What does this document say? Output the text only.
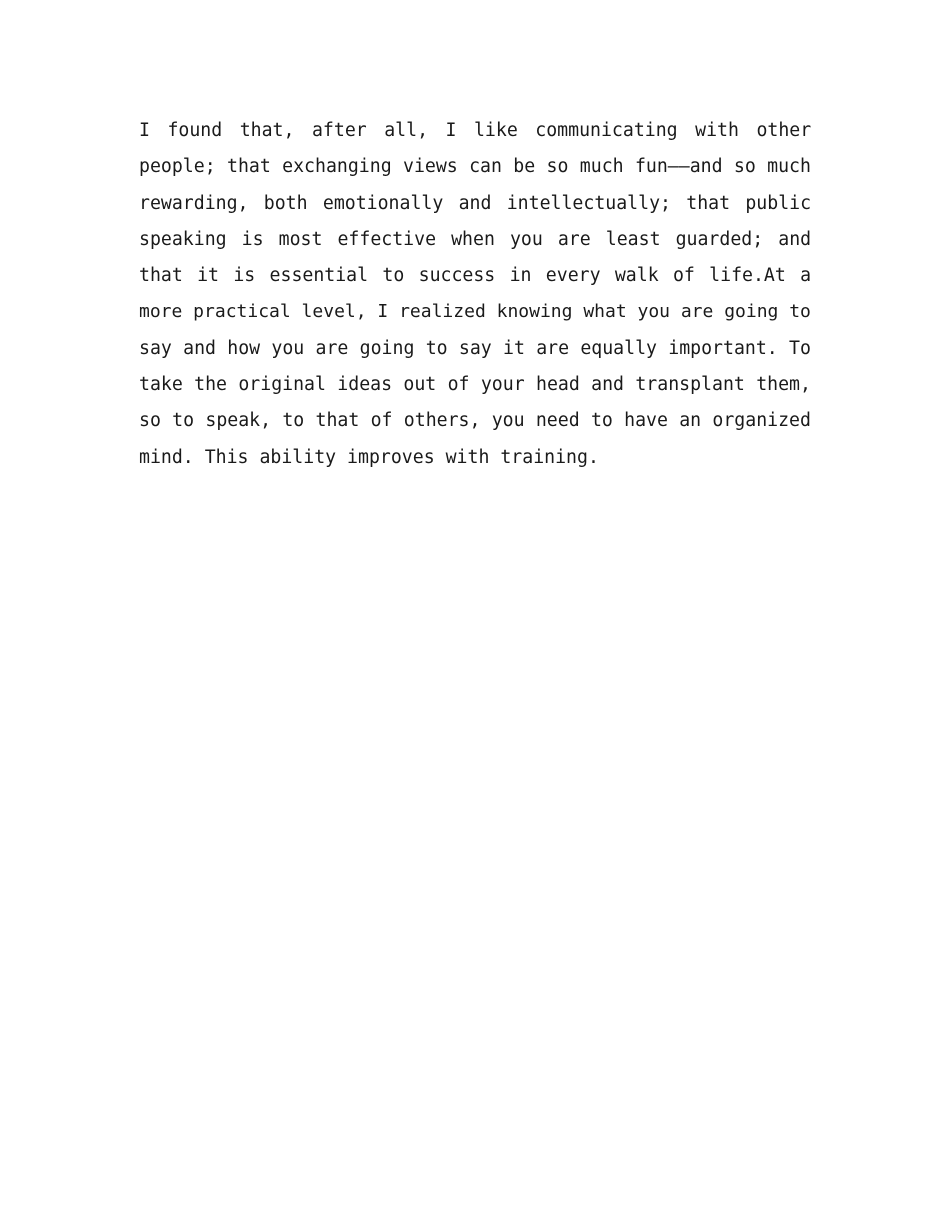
I found that, after all, I like communicating with other
people; that exchanging views can be so much fun——and so much
rewarding, both emotionally and intellectually; that public
speaking is most effective when you are least guarded; and
that it is essential to success in every walk of life.At a
more practical level, I realized knowing what you are going to
say and how you are going to say it are equally important. To
take the original ideas out of your head and transplant them,
so to speak, to that of others, you need to have an organized
mind. This ability improves with training.
